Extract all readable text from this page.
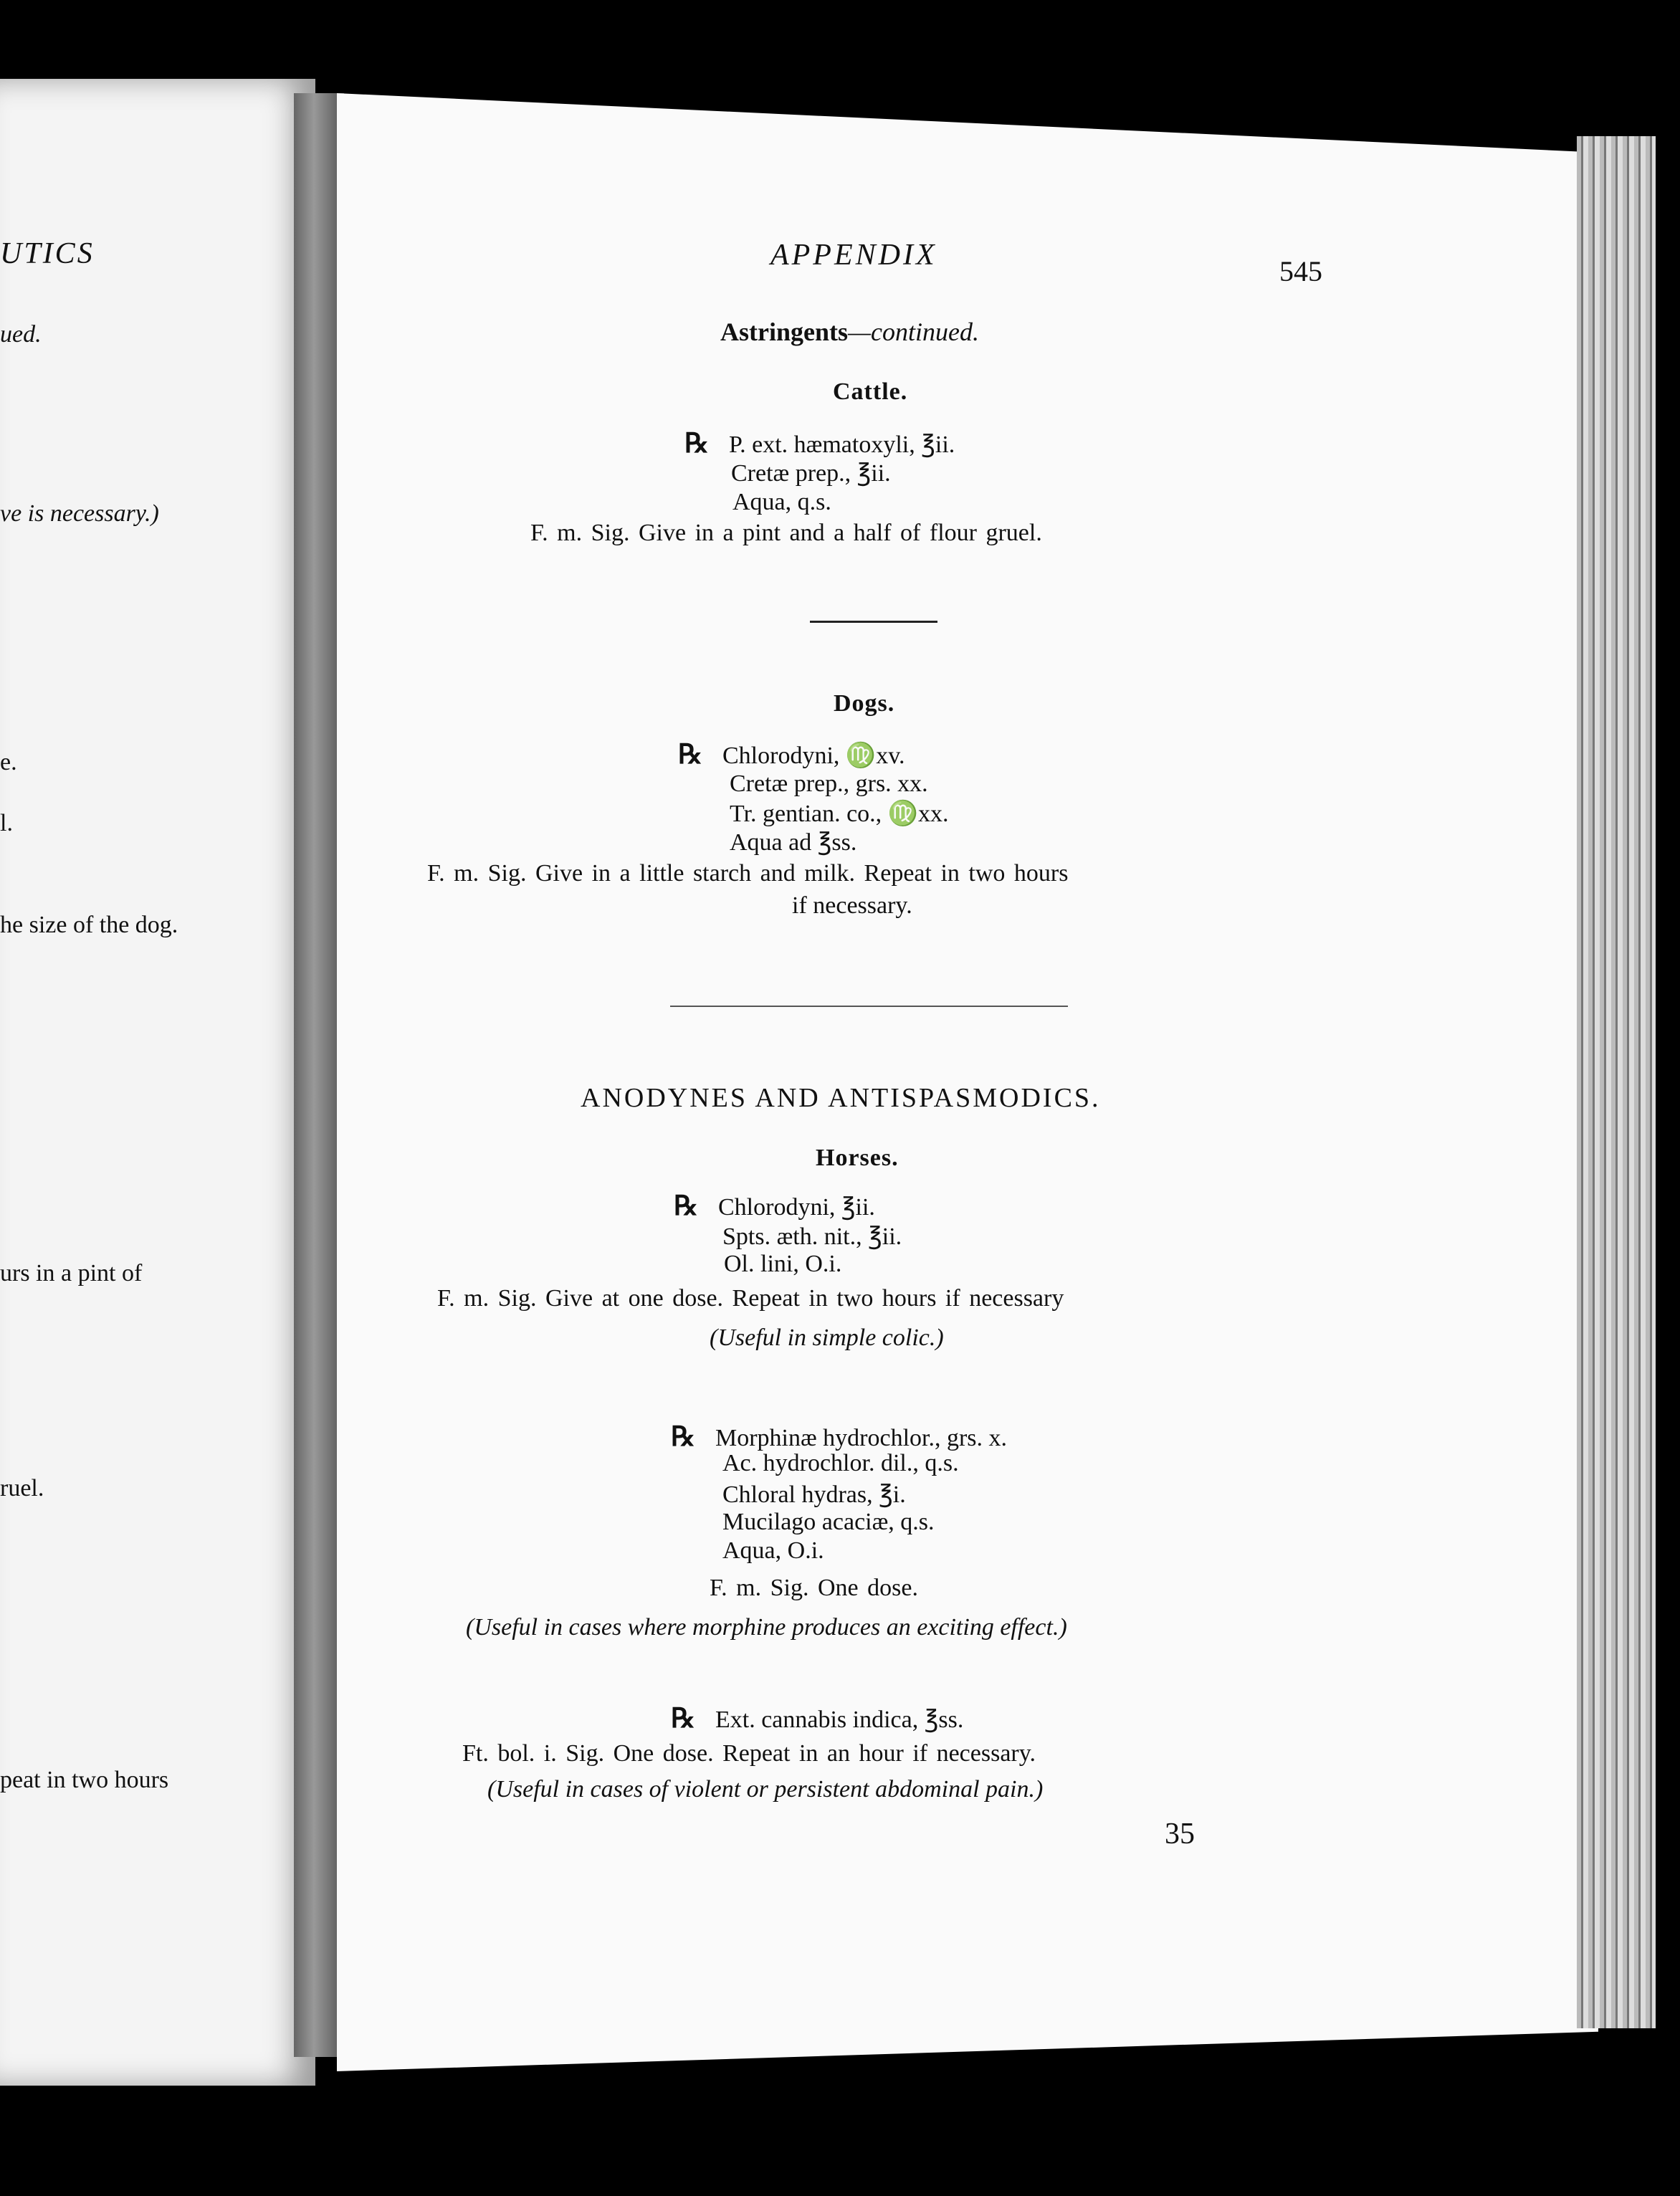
UTICS
ued.
ve is necessary.)
e.
l.
he size of the dog.
urs in a pint of
ruel.
peat in two hours
APPENDIX	545
Astringents—continued.
Cattle.
℞ P. ext. hæmatoxyli, ℥ii.
Cretæ prep., ℥ii.
Aqua, q.s.
F. m. Sig. Give in a pint and a half of flour gruel.
Dogs.
℞ Chlorodyni, ♍xv.
Cretæ prep., grs. xx.
Tr. gentian. co., ♍xx.
Aqua ad ℥ss.
F. m. Sig. Give in a little starch and milk. Repeat in two hours
if necessary.
ANODYNES AND ANTISPASMODICS.
Horses.
℞ Chlorodyni, ℥ii.
Spts. æth. nit., ℥ii.
Ol. lini, O.i.
F. m. Sig. Give at one dose. Repeat in two hours if necessary
(Useful in simple colic.)
℞ Morphinæ hydrochlor., grs. x.
Ac. hydrochlor. dil., q.s.
Chloral hydras, ℥i.
Mucilago acaciæ, q.s.
Aqua, O.i.
F. m. Sig. One dose.
(Useful in cases where morphine produces an exciting effect.)
℞ Ext. cannabis indica, ℥ss.
Ft. bol. i. Sig. One dose. Repeat in an hour if necessary.
(Useful in cases of violent or persistent abdominal pain.)
35
